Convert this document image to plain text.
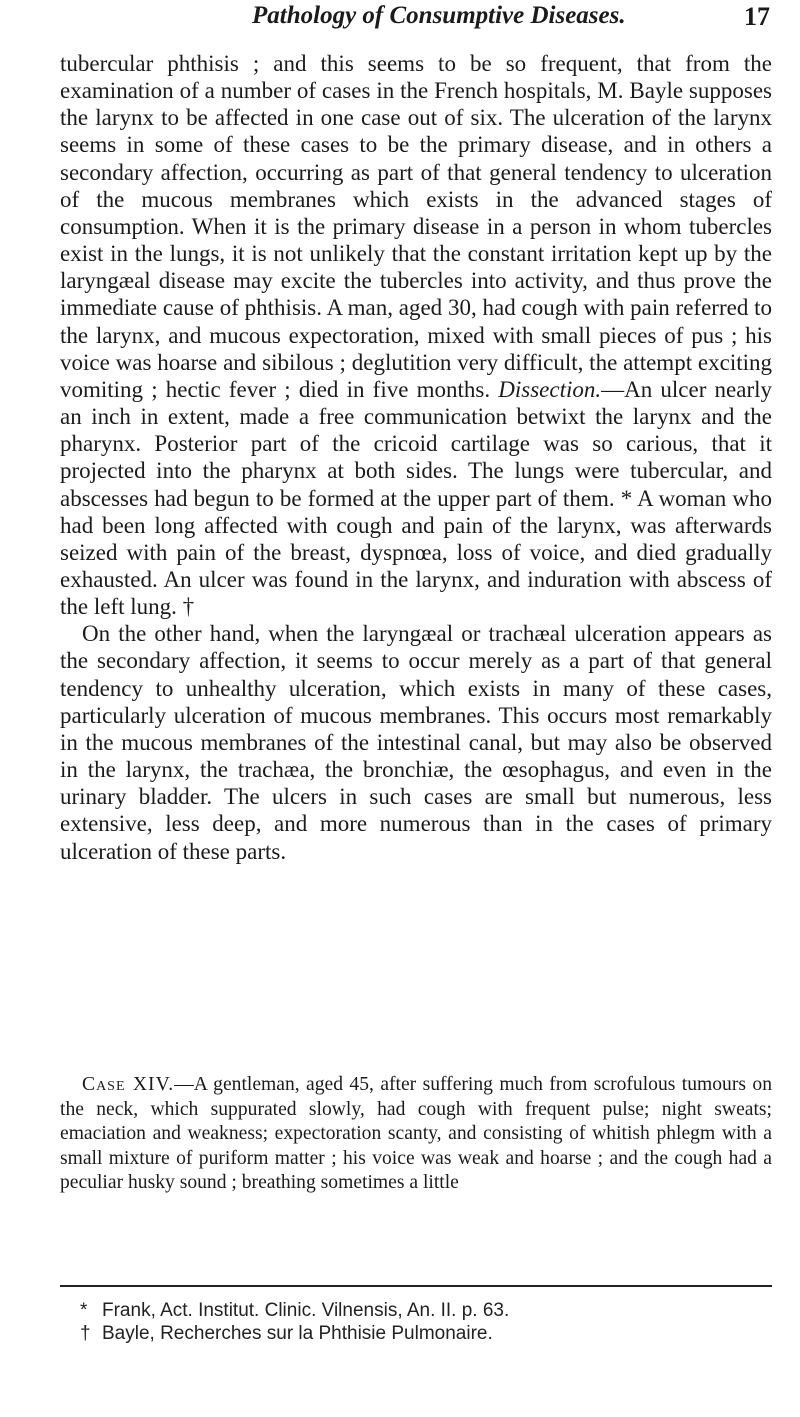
Pathology of Consumptive Diseases.	17

tubercular phthisis ; and this seems to be so frequent, that from the examination of a number of cases in the French hospitals, M. Bayle supposes the larynx to be affected in one case out of six. The ulceration of the larynx seems in some of these cases to be the primary disease, and in others a secondary affection, occurring as part of that general tendency to ulceration of the mucous membranes which exists in the advanced stages of consumption. When it is the primary disease in a person in whom tubercles exist in the lungs, it is not unlikely that the constant irritation kept up by the laryngæal disease may excite the tubercles into activity, and thus prove the immediate cause of phthisis. A man, aged 30, had cough with pain referred to the larynx, and mucous expectoration, mixed with small pieces of pus ; his voice was hoarse and sibilous ; deglutition very difficult, the attempt exciting vomiting ; hectic fever ; died in five months. Dissection.—An ulcer nearly an inch in extent, made a free communication betwixt the larynx and the pharynx. Posterior part of the cricoid cartilage was so carious, that it projected into the pharynx at both sides. The lungs were tubercular, and abscesses had begun to be formed at the upper part of them. * A woman who had been long affected with cough and pain of the larynx, was afterwards seized with pain of the breast, dyspnœa, loss of voice, and died gradually exhausted. An ulcer was found in the larynx, and induration with abscess of the left lung. †

On the other hand, when the laryngæal or trachæal ulceration appears as the secondary affection, it seems to occur merely as a part of that general tendency to unhealthy ulceration, which exists in many of these cases, particularly ulceration of mucous membranes. This occurs most remarkably in the mucous membranes of the intestinal canal, but may also be observed in the larynx, the trachæa, the bronchiæ, the œsophagus, and even in the urinary bladder. The ulcers in such cases are small but numerous, less extensive, less deep, and more numerous than in the cases of primary ulceration of these parts.

Case XIV.—A gentleman, aged 45, after suffering much from scrofulous tumours on the neck, which suppurated slowly, had cough with frequent pulse; night sweats; emaciation and weakness; expectoration scanty, and consisting of whitish phlegm with a small mixture of puriform matter ; his voice was weak and hoarse ; and the cough had a peculiar husky sound ; breathing sometimes a little

* Frank, Act. Institut. Clinic. Vilnensis, An. II. p. 63.

† Bayle, Recherches sur la Phthisie Pulmonaire.
